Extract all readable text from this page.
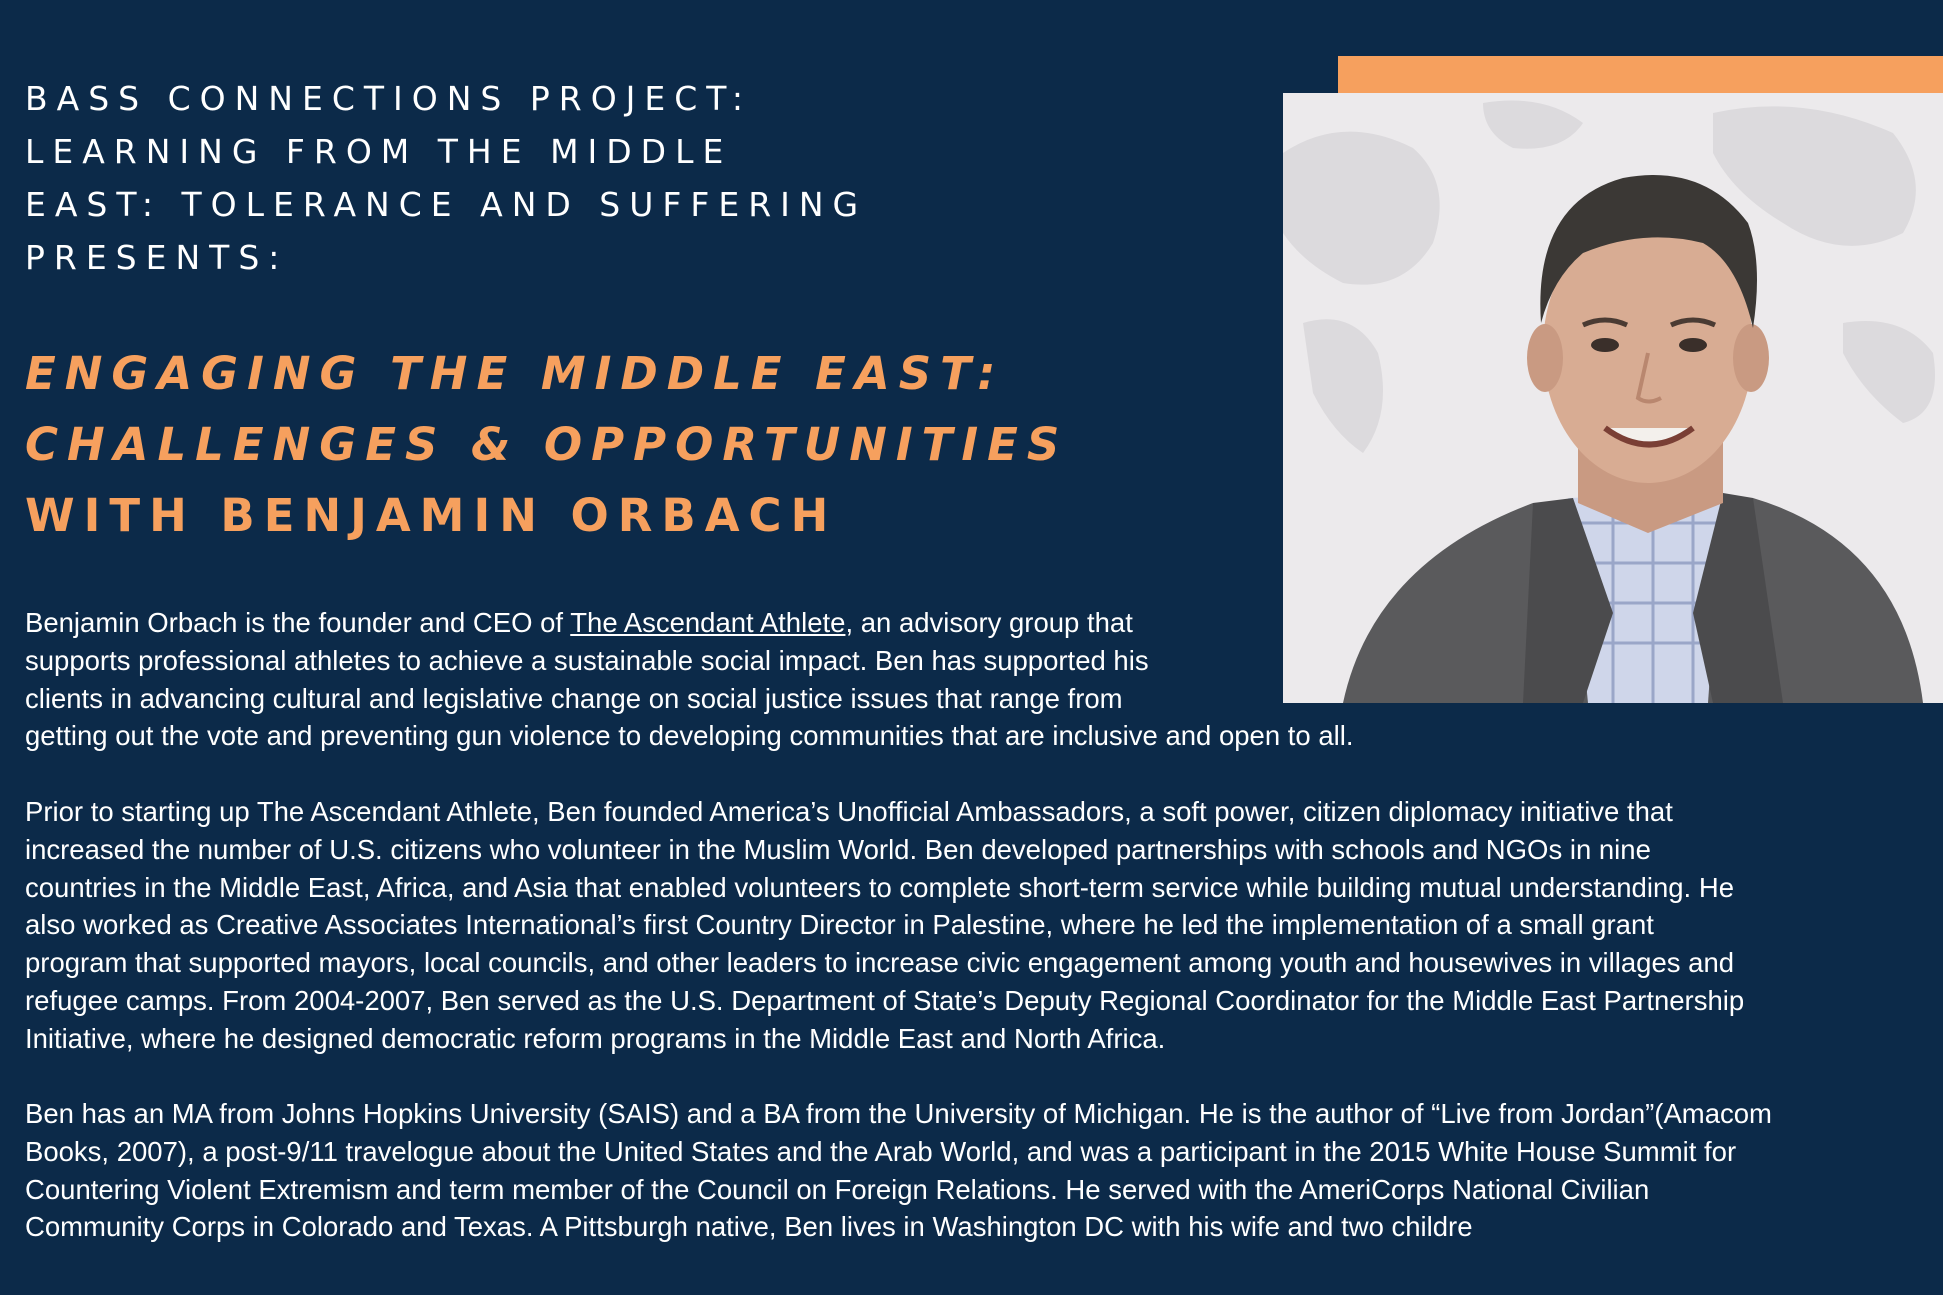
BASS CONNECTIONS PROJECT:
LEARNING FROM THE MIDDLE
EAST: TOLERANCE AND SUFFERING
PRESENTS:
ENGAGING THE MIDDLE EAST:
CHALLENGES & OPPORTUNITIES
WITH BENJAMIN ORBACH
Benjamin Orbach is the founder and CEO of The Ascendant Athlete, an advisory group that
supports professional athletes to achieve a sustainable social impact. Ben has supported his
clients in advancing cultural and legislative change on social justice issues that range from
getting out the vote and preventing gun violence to developing communities that are inclusive and open to all.
Prior to starting up The Ascendant Athlete, Ben founded America’s Unofficial Ambassadors, a soft power, citizen diplomacy initiative that
increased the number of U.S. citizens who volunteer in the Muslim World. Ben developed partnerships with schools and NGOs in nine
countries in the Middle East, Africa, and Asia that enabled volunteers to complete short-term service while building mutual understanding. He
also worked as Creative Associates International’s first Country Director in Palestine, where he led the implementation of a small grant
program that supported mayors, local councils, and other leaders to increase civic engagement among youth and housewives in villages and
refugee camps. From 2004-2007, Ben served as the U.S. Department of State’s Deputy Regional Coordinator for the Middle East Partnership
Initiative, where he designed democratic reform programs in the Middle East and North Africa.
Ben has an MA from Johns Hopkins University (SAIS) and a BA from the University of Michigan. He is the author of “Live from Jordan”(Amacom
Books, 2007), a post-9/11 travelogue about the United States and the Arab World, and was a participant in the 2015 White House Summit for
Countering Violent Extremism and term member of the Council on Foreign Relations. He served with the AmeriCorps National Civilian
Community Corps in Colorado and Texas. A Pittsburgh native, Ben lives in Washington DC with his wife and two childre
